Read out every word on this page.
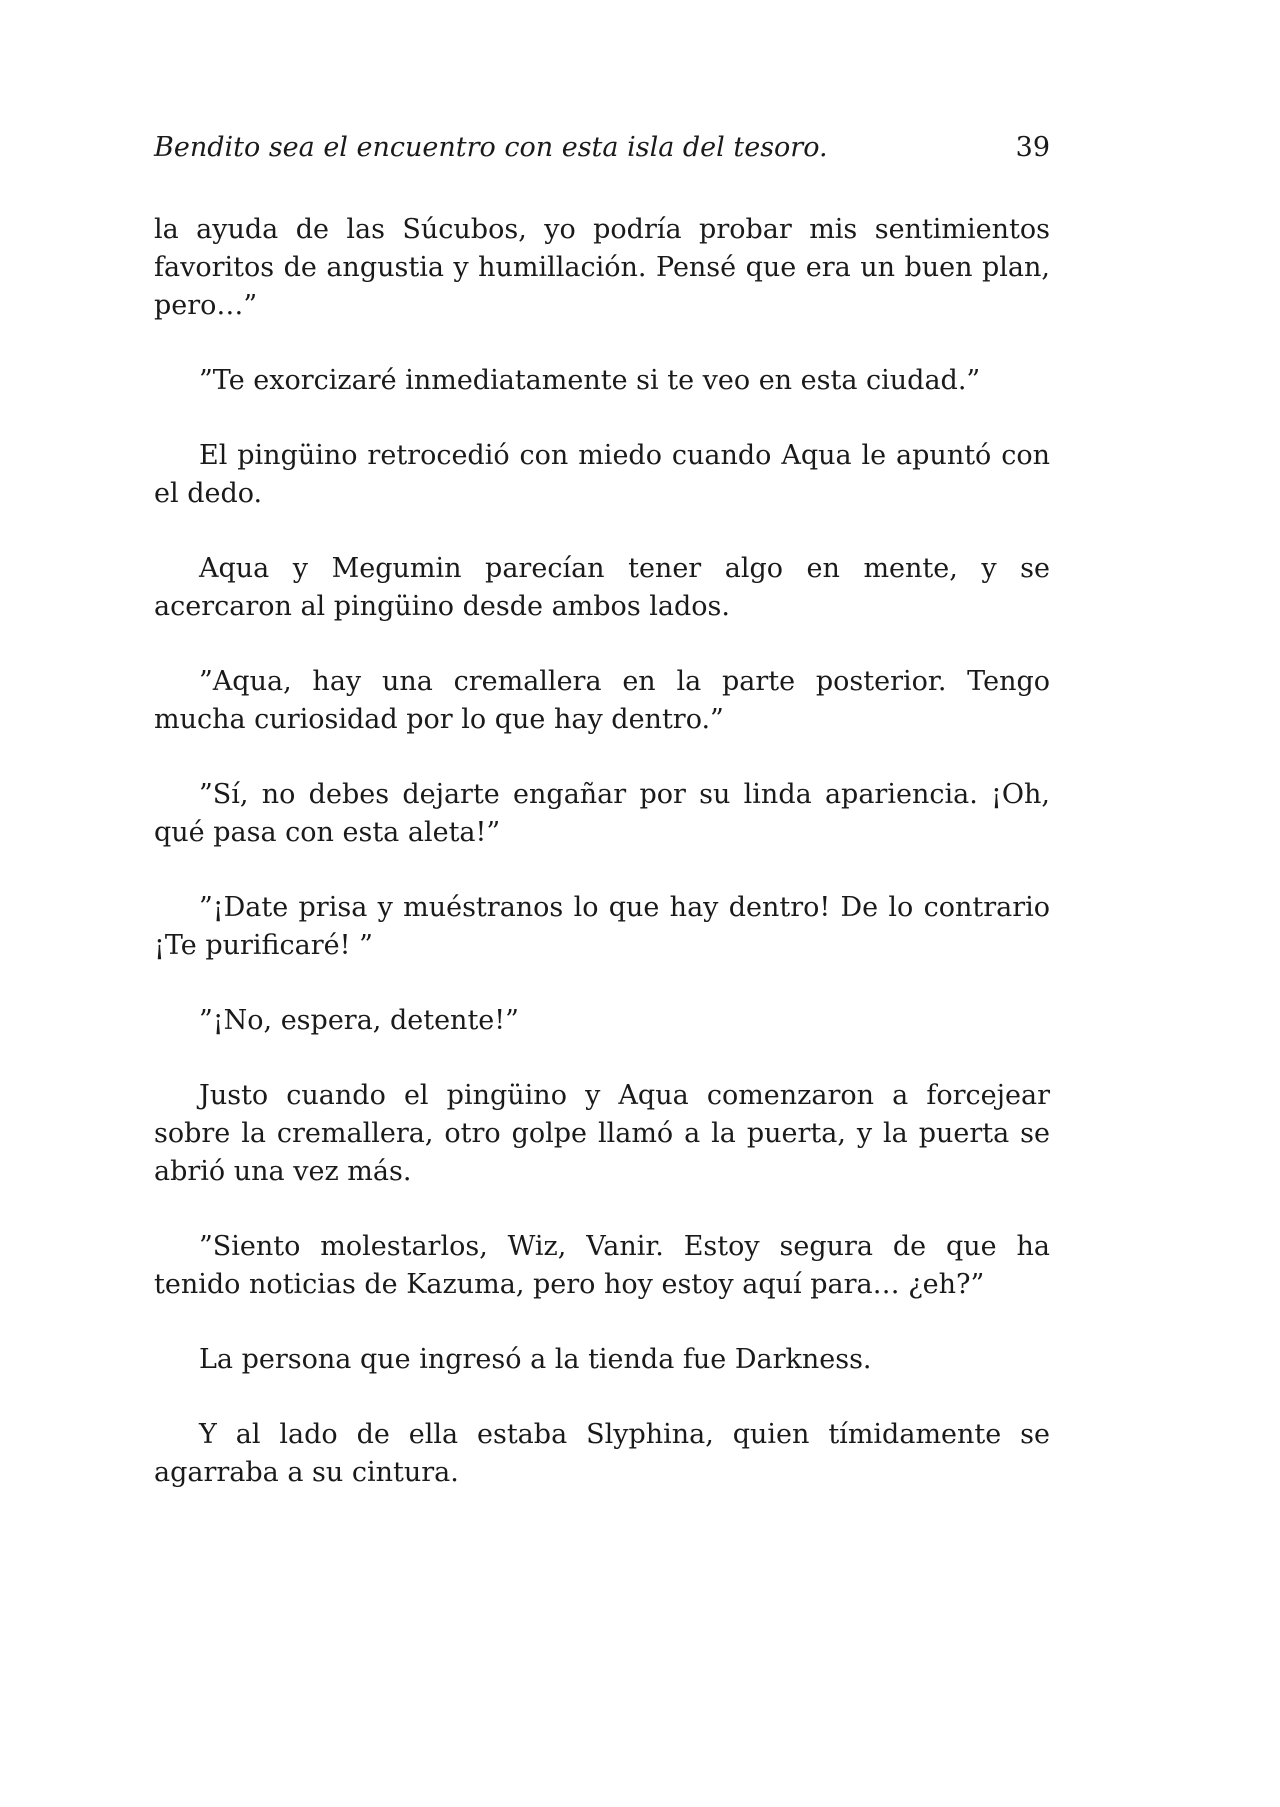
Bendito sea el encuentro con esta isla del tesoro.	39

la ayuda de las Súcubos, yo podría probar mis sentimientos favoritos de angustia y humillación. Pensé que era un buen plan, pero…”

”Te exorcizaré inmediatamente si te veo en esta ciudad.”

El pingüino retrocedió con miedo cuando Aqua le apuntó con el dedo.

Aqua y Megumin parecían tener algo en mente, y se acercaron al pingüino desde ambos lados.

”Aqua, hay una cremallera en la parte posterior. Tengo mucha curiosidad por lo que hay dentro.”

”Sí, no debes dejarte engañar por su linda apariencia. ¡Oh, qué pasa con esta aleta!”

”¡Date prisa y muéstranos lo que hay dentro! De lo contrario ¡Te purificaré! ”

”¡No, espera, detente!”

Justo cuando el pingüino y Aqua comenzaron a forcejear sobre la cremallera, otro golpe llamó a la puerta, y la puerta se abrió una vez más.

”Siento molestarlos, Wiz, Vanir. Estoy segura de que ha tenido noticias de Kazuma, pero hoy estoy aquí para… ¿eh?”

La persona que ingresó a la tienda fue Darkness.

Y al lado de ella estaba Slyphina, quien tímidamente se agarraba a su cintura.
